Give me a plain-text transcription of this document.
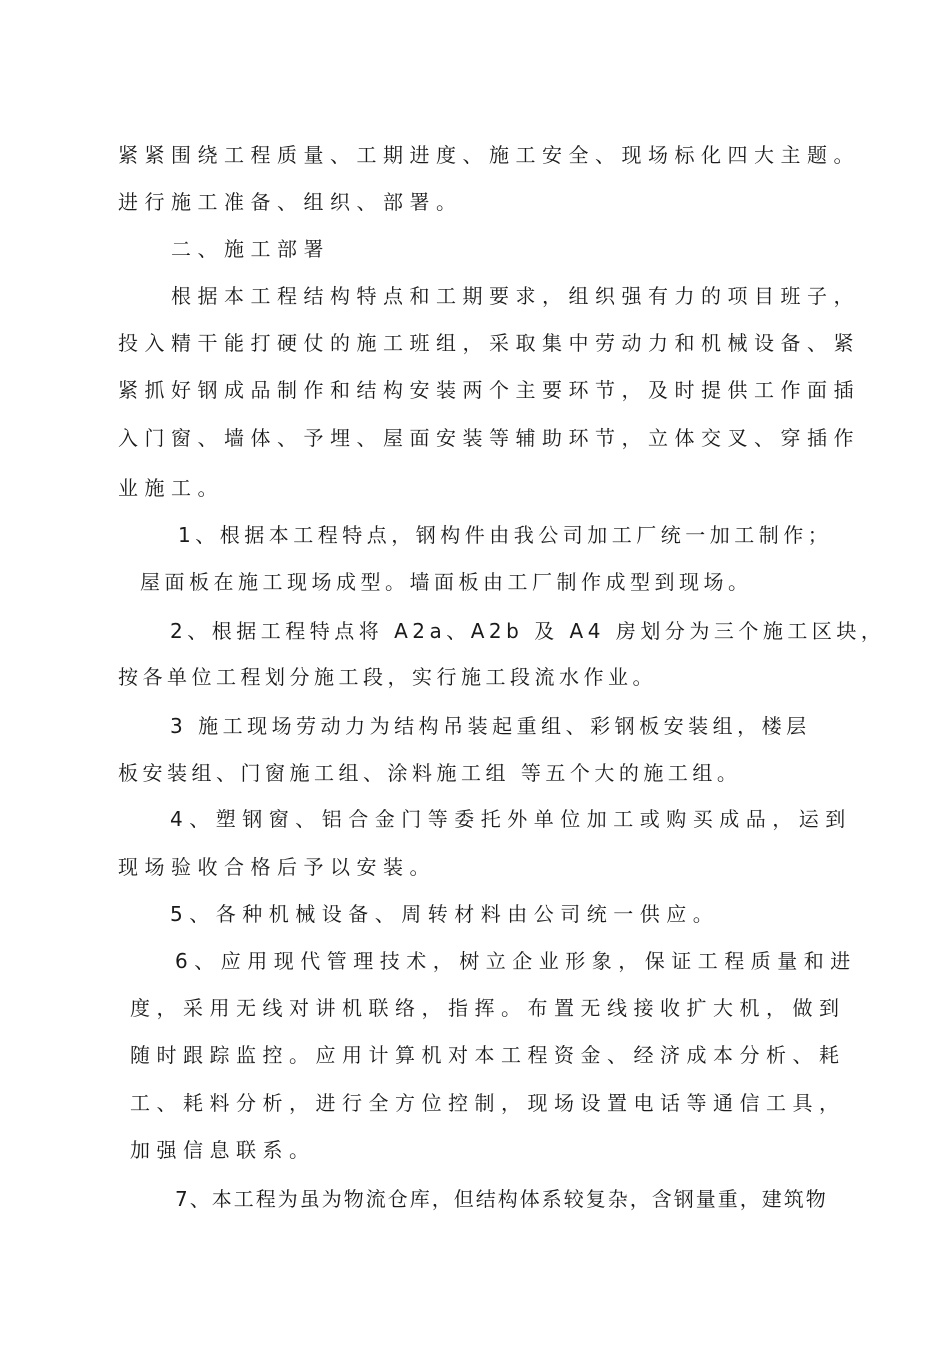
紧紧围绕工程质量、工期进度、施工安全、现场标化四大主题。
进行施工准备、组织、部署。
二、施工部署
根据本工程结构特点和工期要求，组织强有力的项目班子，
投入精干能打硬仗的施工班组，采取集中劳动力和机械设备、紧
紧抓好钢成品制作和结构安装两个主要环节，及时提供工作面插
入门窗、墙体、予埋、屋面安装等辅助环节，立体交叉、穿插作
业施工。
1、根据本工程特点，钢构件由我公司加工厂统一加工制作；
屋面板在施工现场成型。墙面板由工厂制作成型到现场。
2、根据工程特点将 A2a、A2b 及 A4 房划分为三个施工区块，
按各单位工程划分施工段，实行施工段流水作业。
3 施工现场劳动力为结构吊装起重组、彩钢板安装组，楼层
板安装组、门窗施工组、涂料施工组 等五个大的施工组。
4、塑钢窗、铝合金门等委托外单位加工或购买成品，运到
现场验收合格后予以安装。
5、各种机械设备、周转材料由公司统一供应。
6、应用现代管理技术，树立企业形象，保证工程质量和进
度，采用无线对讲机联络，指挥。布置无线接收扩大机，做到
随时跟踪监控。应用计算机对本工程资金、经济成本分析、耗
工、耗料分析，进行全方位控制，现场设置电话等通信工具，
加强信息联系。
7、本工程为虽为物流仓库，但结构体系较复杂，含钢量重，建筑物
